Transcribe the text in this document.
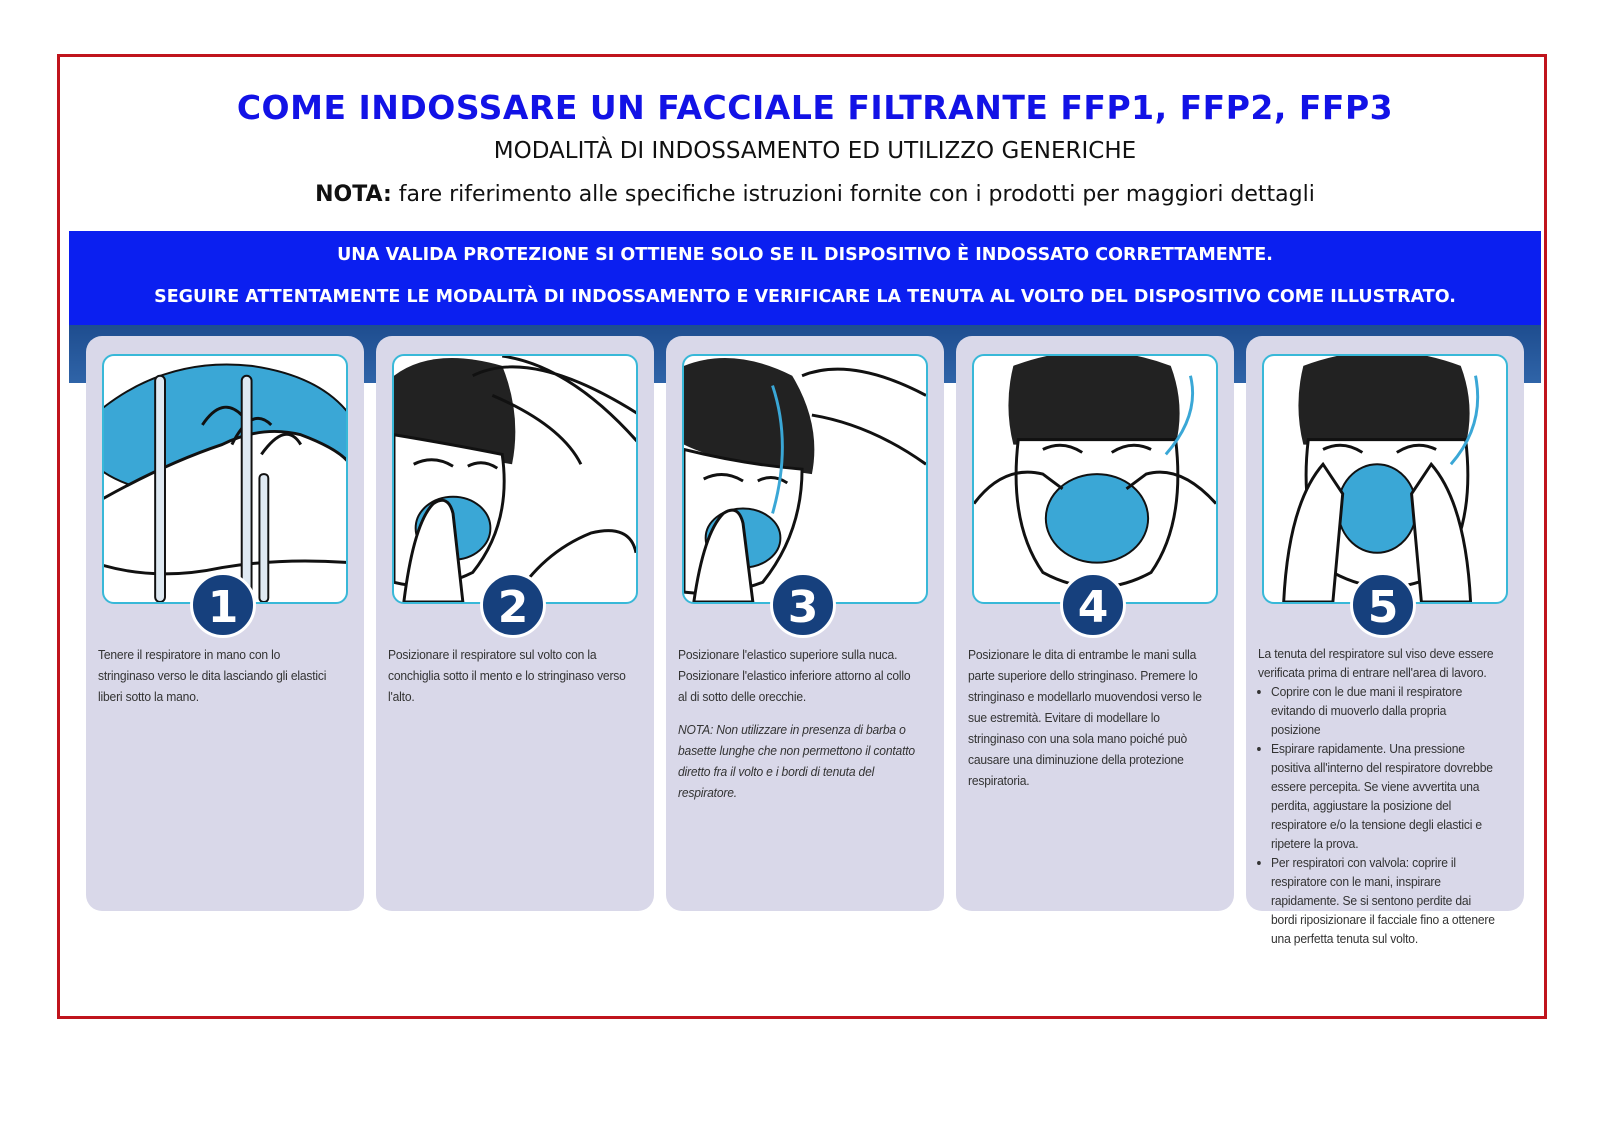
COME INDOSSARE UN FACCIALE FILTRANTE FFP1, FFP2, FFP3
MODALITÀ DI INDOSSAMENTO ED UTILIZZO GENERICHE
NOTA: fare riferimento alle specifiche istruzioni fornite con i prodotti per maggiori dettagli
UNA VALIDA PROTEZIONE SI OTTIENE SOLO SE IL DISPOSITIVO È INDOSSATO CORRETTAMENTE.
SEGUIRE ATTENTAMENTE LE MODALITÀ DI INDOSSAMENTO E VERIFICARE LA TENUTA AL VOLTO DEL DISPOSITIVO COME ILLUSTRATO.
1

Tenere il respiratore in mano con lo stringinaso verso le dita lasciando gli elastici liberi sotto la mano.

2

Posizionare il respiratore sul volto con la conchiglia sotto il mento e lo stringinaso verso l'alto.

3

Posizionare l'elastico superiore sulla nuca. Posizionare l'elastico inferiore attorno al collo al di sotto delle orecchie.

NOTA: Non utilizzare in presenza di barba o basette lunghe che non permettono il contatto diretto fra il volto e i bordi di tenuta del respiratore.

4

Posizionare le dita di entrambe le mani sulla parte superiore dello stringinaso. Premere lo stringinaso e modellarlo muovendosi verso le sue estremità. Evitare di modellare lo stringinaso con una sola mano poiché può causare una diminuzione della protezione respiratoria.

5

La tenuta del respiratore sul viso deve essere verificata prima di entrare nell'area di lavoro.

• Coprire con le due mani il respiratore evitando di muoverlo dalla propria posizione
• Espirare rapidamente. Una pressione positiva all'interno del respiratore dovrebbe essere percepita. Se viene avvertita una perdita, aggiustare la posizione del respiratore e/o la tensione degli elastici e ripetere la prova.
• Per respiratori con valvola: coprire il respiratore con le mani, inspirare rapidamente. Se si sentono perdite dai bordi riposizionare il facciale fino a ottenere una perfetta tenuta sul volto.
